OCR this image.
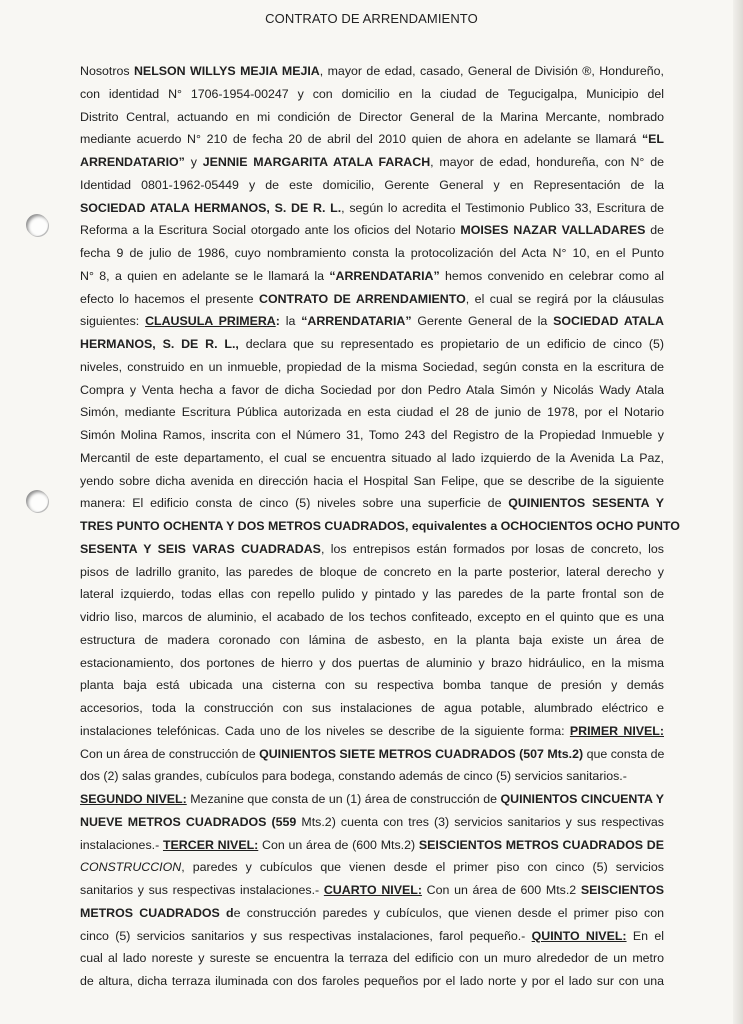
CONTRATO DE ARRENDAMIENTO
Nosotros NELSON WILLYS MEJIA MEJIA, mayor de edad, casado, General de División ®, Hondureño,
con identidad N° 1706-1954-00247 y con domicilio en la ciudad de Tegucigalpa, Municipio del
Distrito Central, actuando en mi condición de Director General de la Marina Mercante, nombrado
mediante acuerdo N° 210 de fecha 20 de abril del 2010 quien de ahora en adelante se llamará “EL
ARRENDATARIO” y JENNIE MARGARITA ATALA FARACH, mayor de edad, hondureña, con N° de
Identidad 0801-1962-05449 y de este domicilio, Gerente General y en Representación de la
SOCIEDAD ATALA HERMANOS, S. DE R. L., según lo acredita el Testimonio Publico 33, Escritura de
Reforma a la Escritura Social otorgado ante los oficios del Notario MOISES NAZAR VALLADARES de
fecha 9 de julio de 1986, cuyo nombramiento consta la protocolización del Acta N° 10, en el Punto
N° 8, a quien en adelante se le llamará la “ARRENDATARIA” hemos convenido en celebrar como al
efecto lo hacemos el presente CONTRATO DE ARRENDAMIENTO, el cual se regirá por la cláusulas
siguientes: CLAUSULA PRIMERA: la “ARRENDATARIA” Gerente General de la SOCIEDAD ATALA
HERMANOS, S. DE R. L., declara que su representado es propietario de un edificio de cinco (5)
niveles, construido en un inmueble, propiedad de la misma Sociedad, según consta en la escritura de
Compra y Venta hecha a favor de dicha Sociedad por don Pedro Atala Simón y Nicolás Wady Atala
Simón, mediante Escritura Pública autorizada en esta ciudad el 28 de junio de 1978, por el Notario
Simón Molina Ramos, inscrita con el Número 31, Tomo 243 del Registro de la Propiedad Inmueble y
Mercantil de este departamento, el cual se encuentra situado al lado izquierdo de la Avenida La Paz,
yendo sobre dicha avenida en dirección hacia el Hospital San Felipe, que se describe de la siguiente
manera: El edificio consta de cinco (5) niveles sobre una superficie de QUINIENTOS SESENTA Y
TRES PUNTO OCHENTA Y DOS METROS CUADRADOS, equivalentes a OCHOCIENTOS OCHO PUNTO
SESENTA Y SEIS VARAS CUADRADAS, los entrepisos están formados por losas de concreto, los
pisos de ladrillo granito, las paredes de bloque de concreto en la parte posterior, lateral derecho y
lateral izquierdo, todas ellas con repello pulido y pintado y las paredes de la parte frontal son de
vidrio liso, marcos de aluminio, el acabado de los techos confiteado, excepto en el quinto que es una
estructura de madera coronado con lámina de asbesto, en la planta baja existe un área de
estacionamiento, dos portones de hierro y dos puertas de aluminio y brazo hidráulico, en la misma
planta baja está ubicada una cisterna con su respectiva bomba tanque de presión y demás
accesorios, toda la construcción con sus instalaciones de agua potable, alumbrado eléctrico e
instalaciones telefónicas. Cada uno de los niveles se describe de la siguiente forma: PRIMER NIVEL:
Con un área de construcción de QUINIENTOS SIETE METROS CUADRADOS (507 Mts.2) que consta de
dos (2) salas grandes, cubículos para bodega, constando además de cinco (5) servicios sanitarios.-
SEGUNDO NIVEL: Mezanine que consta de un (1) área de construcción de QUINIENTOS CINCUENTA Y
NUEVE METROS CUADRADOS (559 Mts.2) cuenta con tres (3) servicios sanitarios y sus respectivas
instalaciones.- TERCER NIVEL: Con un área de (600 Mts.2) SEISCIENTOS METROS CUADRADOS DE
CONSTRUCCION, paredes y cubículos que vienen desde el primer piso con cinco (5) servicios
sanitarios y sus respectivas instalaciones.- CUARTO NIVEL: Con un área de 600 Mts.2 SEISCIENTOS
METROS CUADRADOS de construcción paredes y cubículos, que vienen desde el primer piso con
cinco (5) servicios sanitarios y sus respectivas instalaciones, farol pequeño.- QUINTO NIVEL: En el
cual al lado noreste y sureste se encuentra la terraza del edificio con un muro alrededor de un metro
de altura, dicha terraza iluminada con dos faroles pequeños por el lado norte y por el lado sur con una
